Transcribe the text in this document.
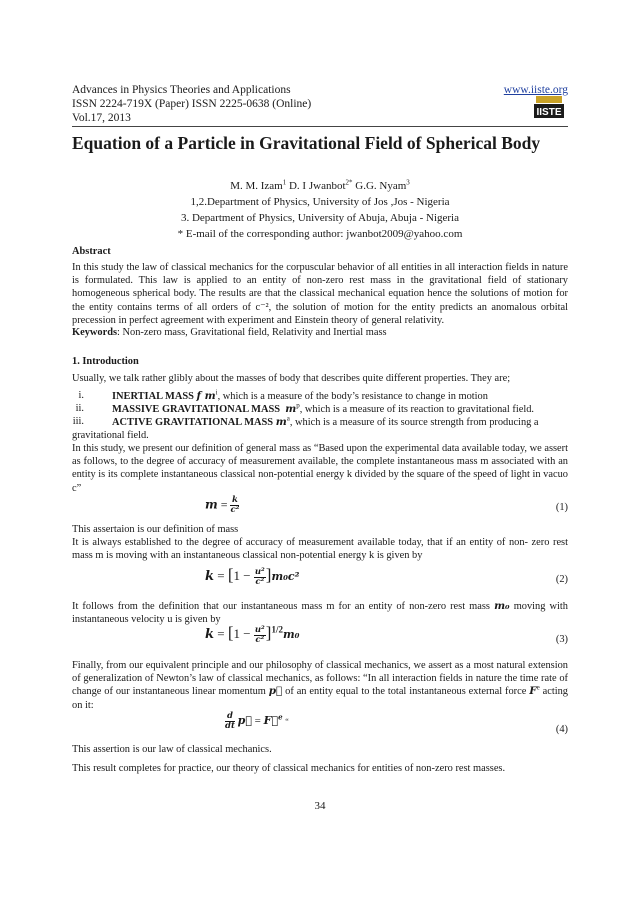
Advances in Physics Theories and Applications
ISSN 2224-719X (Paper) ISSN 2225-0638 (Online)
Vol.17, 2013
www.iiste.org
IISTE
Equation of a Particle in Gravitational Field of Spherical Body
M. M. Izam$^1$ D. I Jwanbot$^{2*}$ G.G. Nyam$^3$
1,2.Department of Physics, University of Jos ,Jos - Nigeria
3. Department of Physics, University of Abuja, Abuja - Nigeria
* E-mail of the corresponding author: jwanbot2009@yahoo.com
Abstract
In this study the law of classical mechanics for the corpuscular behavior of all entities in all interaction fields in nature is formulated. This law is applied to an entity of non-zero rest mass in the gravitational field of stationary homogeneous spherical body. The results are that the classical mechanical equation hence the solutions of motion for the entity contains terms of all orders of c⁻², the solution of motion for the entity predicts an anomalous orbital precession in perfect agreement with experiment and Einstein theory of general relativity.
Keywords: Non-zero mass, Gravitational field, Relativity and Inertial mass
1. Introduction
Usually, we talk rather glibly about the masses of body that describes quite different properties. They are;
i.	INERTIAL MASS f $m^i$, which is a measure of the body’s resistance to change in motion
ii.	MASSIVE GRAVITATIONAL MASS $m^p$, which is a measure of its reaction to gravitational field.
iii.	ACTIVE GRAVITATIONAL MASS $m^a$, which is a measure of its source strength from producing a
gravitational field.
In this study, we present our definition of general mass as “Based upon the experimental data available today, we assert as follows, to the degree of accuracy of measurement available, the complete instantaneous mass m associated with an entity is its complete instantaneous classical non-potential energy k divided by the square of the speed of light in vacuo c”
$m = \frac{k}{\text{c²}}$	(1)
This assertaion is our definition of mass
It is always established to the degree of accuracy of measurement available today, that if an entity of non- zero rest mass m is moving with an instantaneous classical non-potential energy k is given by
$k = [1 - \frac{\text{u²}}{\text{c²}} ]m_0c^2$	(2)
It follows from the definition that our instantaneous mass m for an entity of non-zero rest mass m₀ moving with instantaneous velocity u is given by
$k = [1 - \frac{\text{u²}}{\text{c²}} ]^{1/2}m_0$	(3)
Finally, from our equivalent principle and our philosophy of classical mechanics, we assert as a most natural extension of generalization of Newton’s law of classical mechanics, as follows: “In all interaction fields in nature the time rate of change of our instantaneous linear momentum p⃗ of an entity equal to the total instantaneous external force $F^e$ acting on it:
$\frac{d}{dt}$ p⃗ = F⃗$^e$ “
(4)
This assertion is our law of classical mechanics.
This result completes for practice, our theory of classical mechanics for entities of non-zero rest masses.
34
